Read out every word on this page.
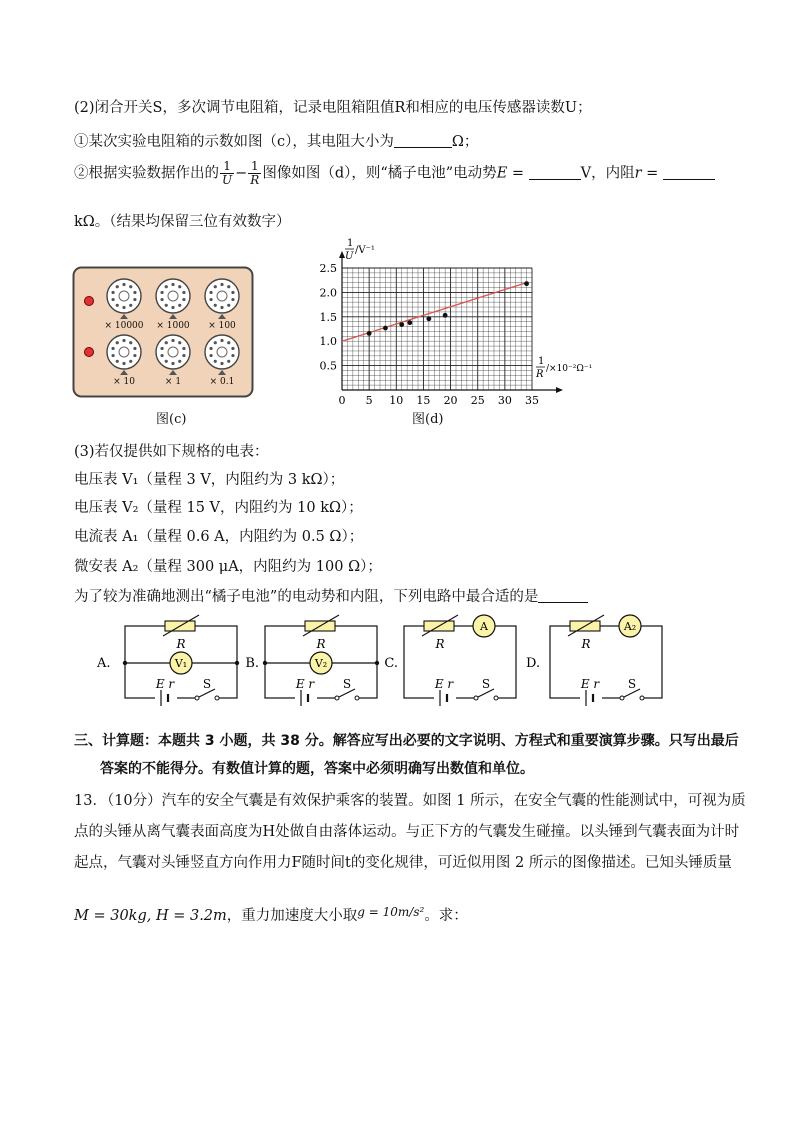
(2)闭合开关S，多次调节电阻箱，记录电阻箱阻值R和相应的电压传感器读数U；
①某次实验电阻箱的示数如图（c），其电阻大小为	Ω；
②根据实验数据作出的 $\frac{1}{U} - \frac{1}{R}$ 图像如图（d），则“橘子电池”电动势E =	V，内阻r =
kΩ。（结果均保留三位有效数字）
× 10000 × 1000 × 100
× 10	× 1	× 0.1
图(c)
0 5 10 15 20 25 30 35
0.5
1.0
1.5
2.0
2.5
1
U
/V⁻¹
1
R /×10⁻²Ω⁻¹
图(d)
(3)若仅提供如下规格的电表：
电压表 V₁（量程 3 V，内阻约为 3 kΩ）；
电压表 V₂（量程 15 V，内阻约为 10 kΩ）；
电流表 A₁（量程 0.6 A，内阻约为 0.5 Ω）；
微安表 A₂（量程 300 μA，内阻约为 100 Ω）；
为了较为准确地测出“橘子电池”的电动势和内阻，下列电路中最合适的是
A.	V₁
R
E r S
B.	V₂
R
E r S
C.
R
A
E r S
D.
R
A₂
E r S
三、计算题：本题共 3 小题，共 38 分。解答应写出必要的文字说明、方程式和重要演算步骤。只写出最后
答案的不能得分。有数值计算的题，答案中必须明确写出数值和单位。
13．（10分）汽车的安全气囊是有效保护乘客的装置。如图 1 所示，在安全气囊的性能测试中，可视为质
点的头锤从离气囊表面高度为H处做自由落体运动。与正下方的气囊发生碰撞。以头锤到气囊表面为计时
起点，气囊对头锤竖直方向作用力F随时间t的变化规律，可近似用图 2 所示的图像描述。已知头锤质量
M = 30kg, H = 3.2m，重力加速度大小取$^{g = 10m/s^2}$。求：
